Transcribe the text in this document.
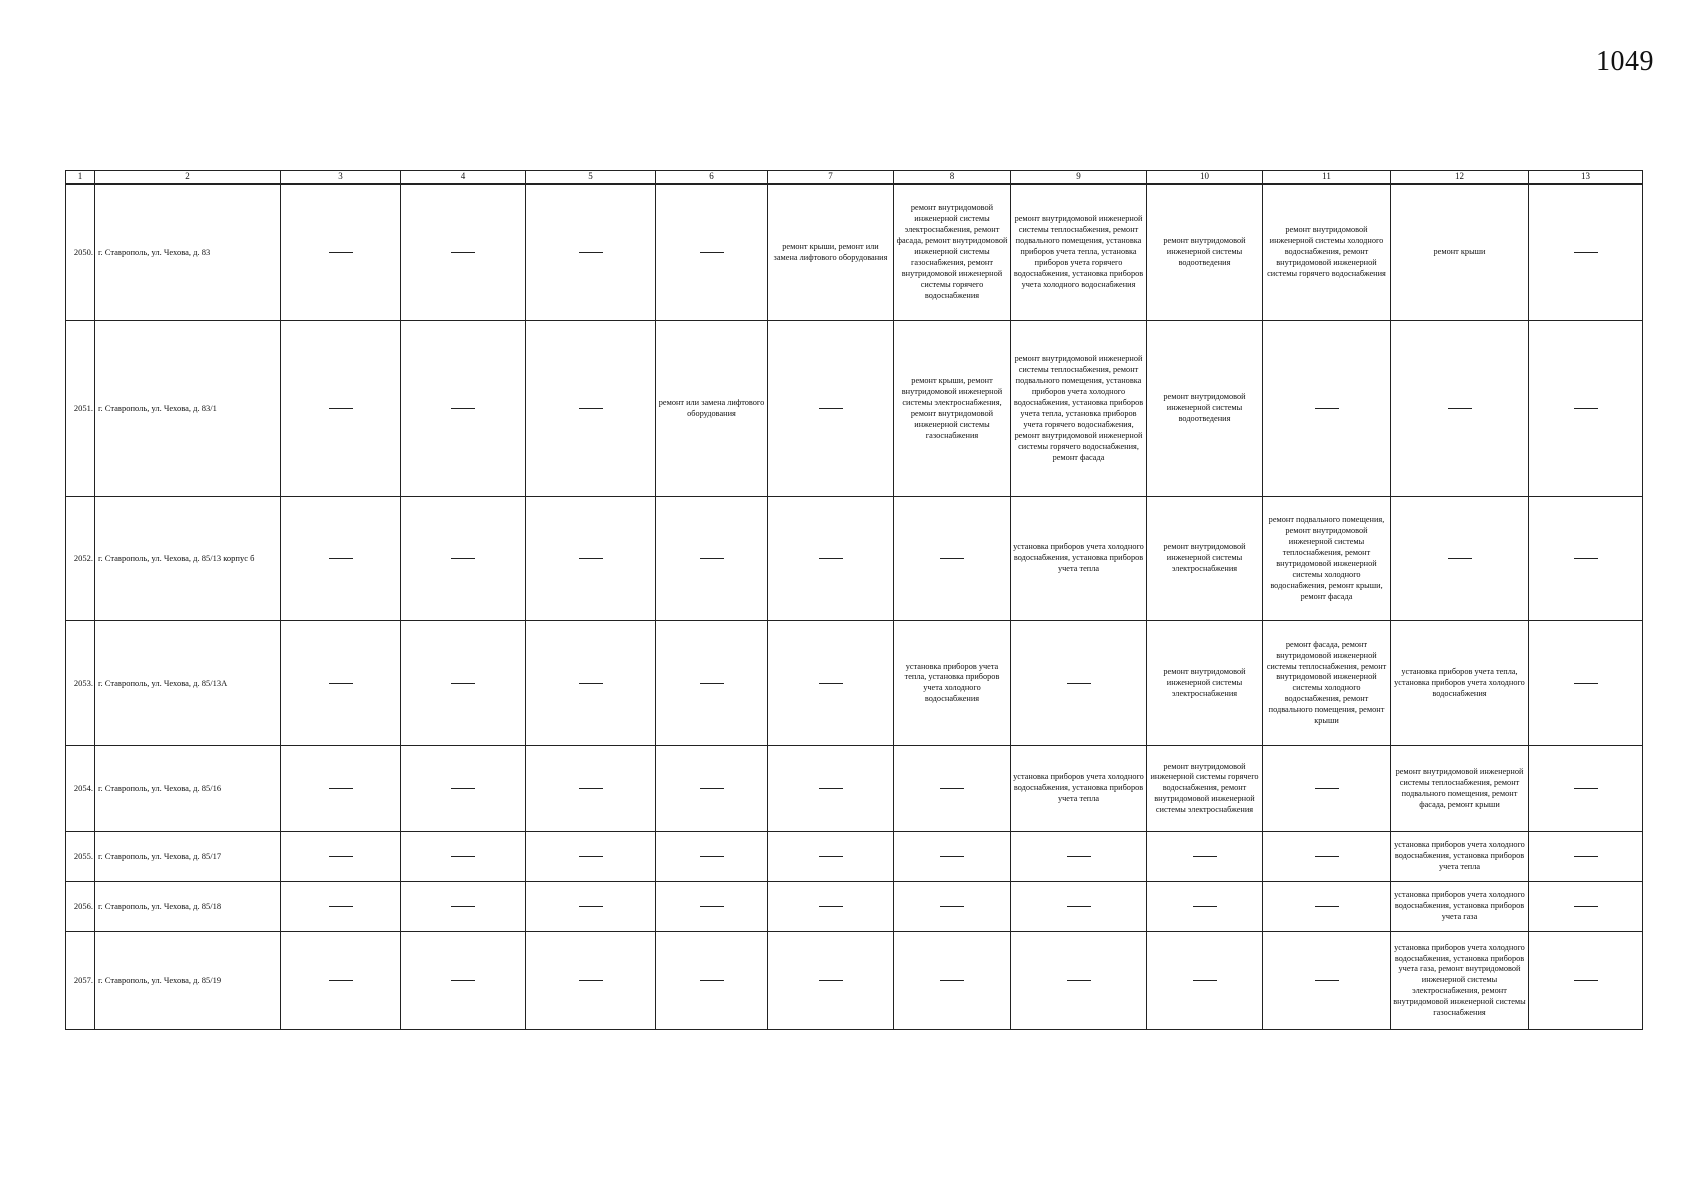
1049
1	2	3	4	5	6	7	8	9	10	11	12	13
2050.	г. Ставрополь, ул. Чехова, д. 83					ремонт крыши, ремонт или замена лифтового оборудования	ремонт внутридомовой инженерной системы электроснабжения, ремонт фасада, ремонт внутридомовой инженерной системы газоснабжения, ремонт внутридомовой инженерной системы горячего водоснабжения	ремонт внутридомовой инженерной системы теплоснабжения, ремонт подвального помещения, установка приборов учета тепла, установка приборов учета горячего водоснабжения, установка приборов учета холодного водоснабжения	ремонт внутридомовой инженерной системы водоотведения	ремонт внутридомовой инженерной системы холодного водоснабжения, ремонт внутридомовой инженерной системы горячего водоснабжения	ремонт крыши	
2051.	г. Ставрополь, ул. Чехова, д. 83/1				ремонт или замена лифтового оборудования		ремонт крыши, ремонт внутридомовой инженерной системы электроснабжения, ремонт внутридомовой инженерной системы газоснабжения	ремонт внутридомовой инженерной системы теплоснабжения, ремонт подвального помещения, установка приборов учета холодного водоснабжения, установка приборов учета тепла, установка приборов учета горячего водоснабжения, ремонт внутридомовой инженерной системы горячего водоснабжения, ремонт фасада	ремонт внутридомовой инженерной системы водоотведения			
2052.	г. Ставрополь, ул. Чехова, д. 85/13 корпус б							установка приборов учета холодного водоснабжения, установка приборов учета тепла	ремонт внутридомовой инженерной системы электроснабжения	ремонт подвального помещения, ремонт внутридомовой инженерной системы теплоснабжения, ремонт внутридомовой инженерной системы холодного водоснабжения, ремонт крыши, ремонт фасада		
2053.	г. Ставрополь, ул. Чехова, д. 85/13А						установка приборов учета тепла, установка приборов учета холодного водоснабжения		ремонт внутридомовой инженерной системы электроснабжения	ремонт фасада, ремонт внутридомовой инженерной системы теплоснабжения, ремонт внутридомовой инженерной системы холодного водоснабжения, ремонт подвального помещения, ремонт крыши	установка приборов учета тепла, установка приборов учета холодного водоснабжения	
2054.	г. Ставрополь, ул. Чехова, д. 85/16							установка приборов учета холодного водоснабжения, установка приборов учета тепла	ремонт внутридомовой инженерной системы горячего водоснабжения, ремонт внутридомовой инженерной системы электроснабжения		ремонт внутридомовой инженерной системы теплоснабжения, ремонт подвального помещения, ремонт фасада, ремонт крыши	
2055.	г. Ставрополь, ул. Чехова, д. 85/17										установка приборов учета холодного водоснабжения, установка приборов учета тепла	
2056.	г. Ставрополь, ул. Чехова, д. 85/18										установка приборов учета холодного водоснабжения, установка приборов учета газа	
2057.	г. Ставрополь, ул. Чехова, д. 85/19										установка приборов учета холодного водоснабжения, установка приборов учета газа, ремонт внутридомовой инженерной системы электроснабжения, ремонт внутридомовой инженерной системы газоснабжения	
